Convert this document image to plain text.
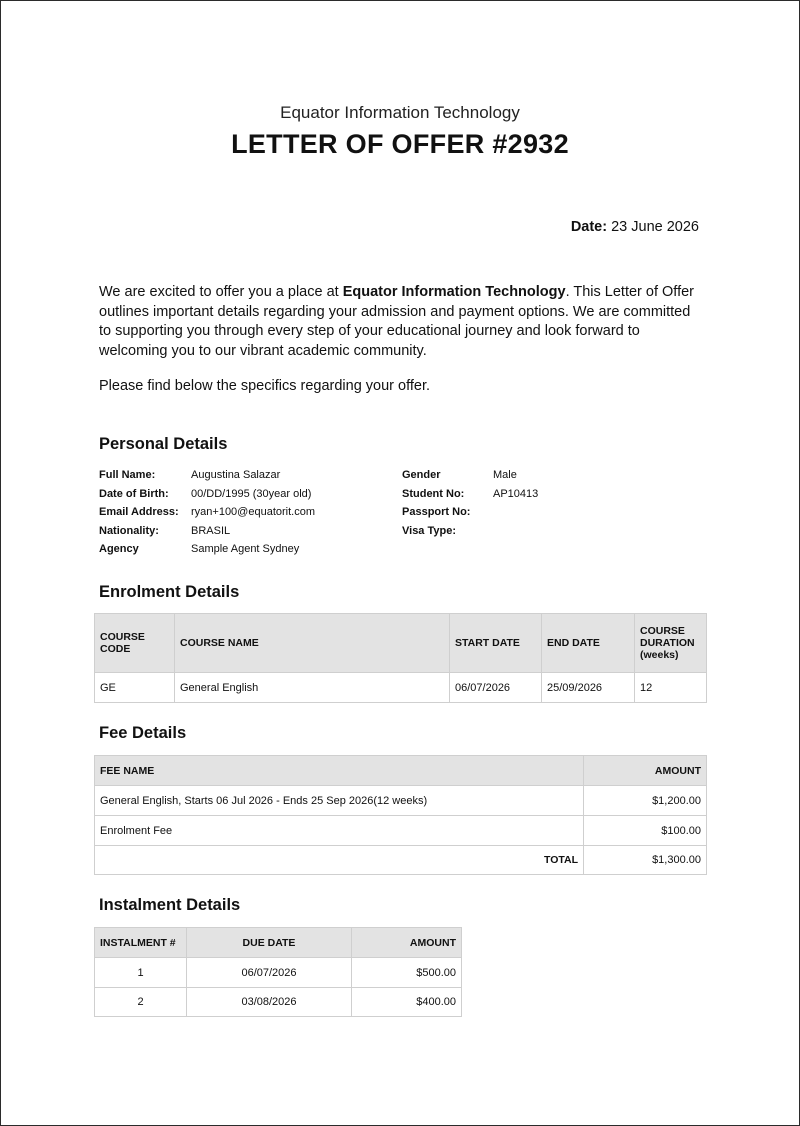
Equator Information Technology
LETTER OF OFFER #2932
Date: 23 June 2026

We are excited to offer you a place at Equator Information Technology. This Letter of Offer outlines important details regarding your admission and payment options. We are committed to supporting you through every step of your educational journey and look forward to welcoming you to our vibrant academic community.

Please find below the specifics regarding your offer.

Personal Details
Full Name:	Augustina Salazar	Gender	Male
Date of Birth: 00/DD/1995 (30year old)	Student No:	AP10413
Email Address: ryan+100@equatorit.com	Passport No:
Nationality:	BRASIL	Visa Type:
Agency	Sample Agent Sydney
Enrolment Details
COURSE CODE	COURSE NAME	START DATE	END DATE	COURSE DURATION (weeks)
GE	General English	06/07/2026	25/09/2026	12
Fee Details
FEE NAME	AMOUNT
General English, Starts 06 Jul 2026 - Ends 25 Sep 2026(12 weeks)	$1,200.00
Enrolment Fee	$100.00
TOTAL	$1,300.00
Instalment Details
INSTALMENT #	DUE DATE	AMOUNT
1	06/07/2026	$500.00
2	03/08/2026	$400.00
